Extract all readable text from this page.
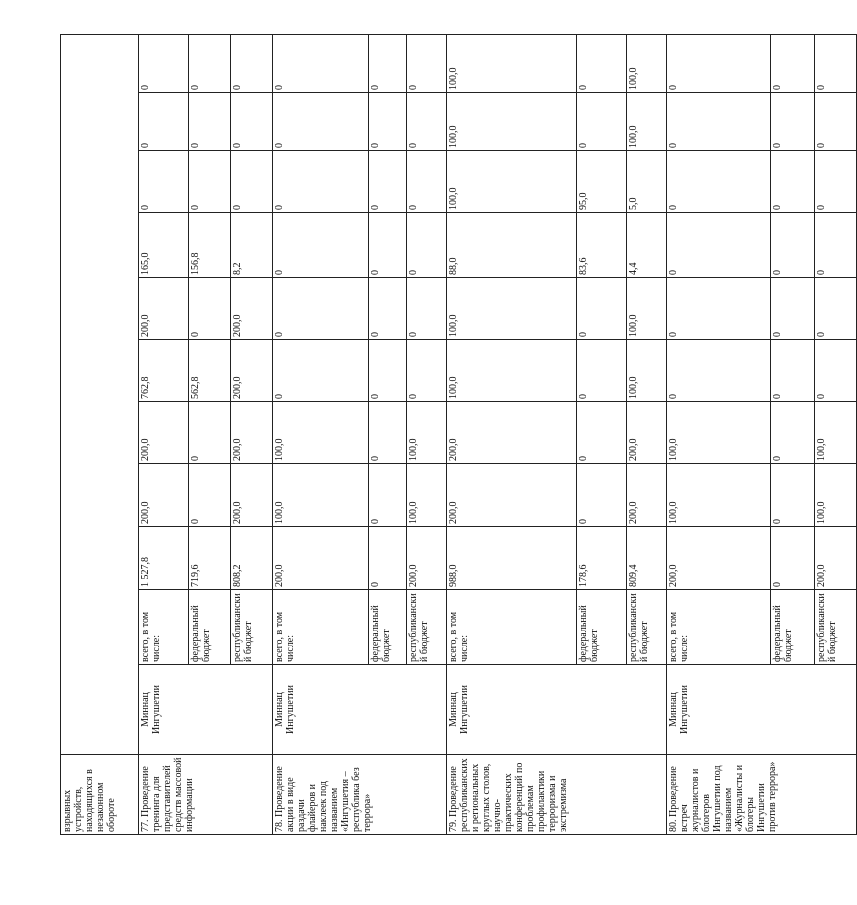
взрывных устройств, находящихся в незаконном обороте											
77. Проведение тренинга для представителей средств массовой информации	Миннац Ингушетии	всего, в том числе:	1 527,8	200,0	200,0	762,8	200,0	165,0	0	0	0
		федеральный бюджет	719,6	0	0	562,8	0	156,8	0	0	0
		республиканский бюджет	808,2	200,0	200,0	200,0	200,0	8,2	0	0	0
78. Проведение акции в виде раздачи флайеров и наклеек под названием «Ингушетия – республика без террора»	Миннац Ингушетии	всего, в том числе:	200,0	100,0	100,0	0	0	0	0	0	0
		федеральный бюджет	0	0	0	0	0	0	0	0	0
		республиканский бюджет	200,0	100,0	100,0	0	0	0	0	0	0
79. Проведение республиканских и региональных круглых столов, научно-практических конференций по проблемам профилактики терроризма и экстремизма	Миннац Ингушетии	всего, в том числе:	988,0	200,0	200,0	100,0	100,0	88,0	100,0	100,0	100,0
		федеральный бюджет	178,6	0	0	0	0	83,6	95,0	0	0
		республиканский бюджет	809,4	200,0	200,0	100,0	100,0	4,4	5,0	100,0	100,0
80. Проведение встреч журналистов и блогеров Ингушетии под названием «Журналисты и блогеры Ингушетии против террора»	Миннац Ингушетии	всего, в том числе:	200,0	100,0	100,0	0	0	0	0	0	0
		федеральный бюджет	0	0	0	0	0	0	0	0	0
		республиканский бюджет	200,0	100,0	100,0	0	0	0	0	0	0
